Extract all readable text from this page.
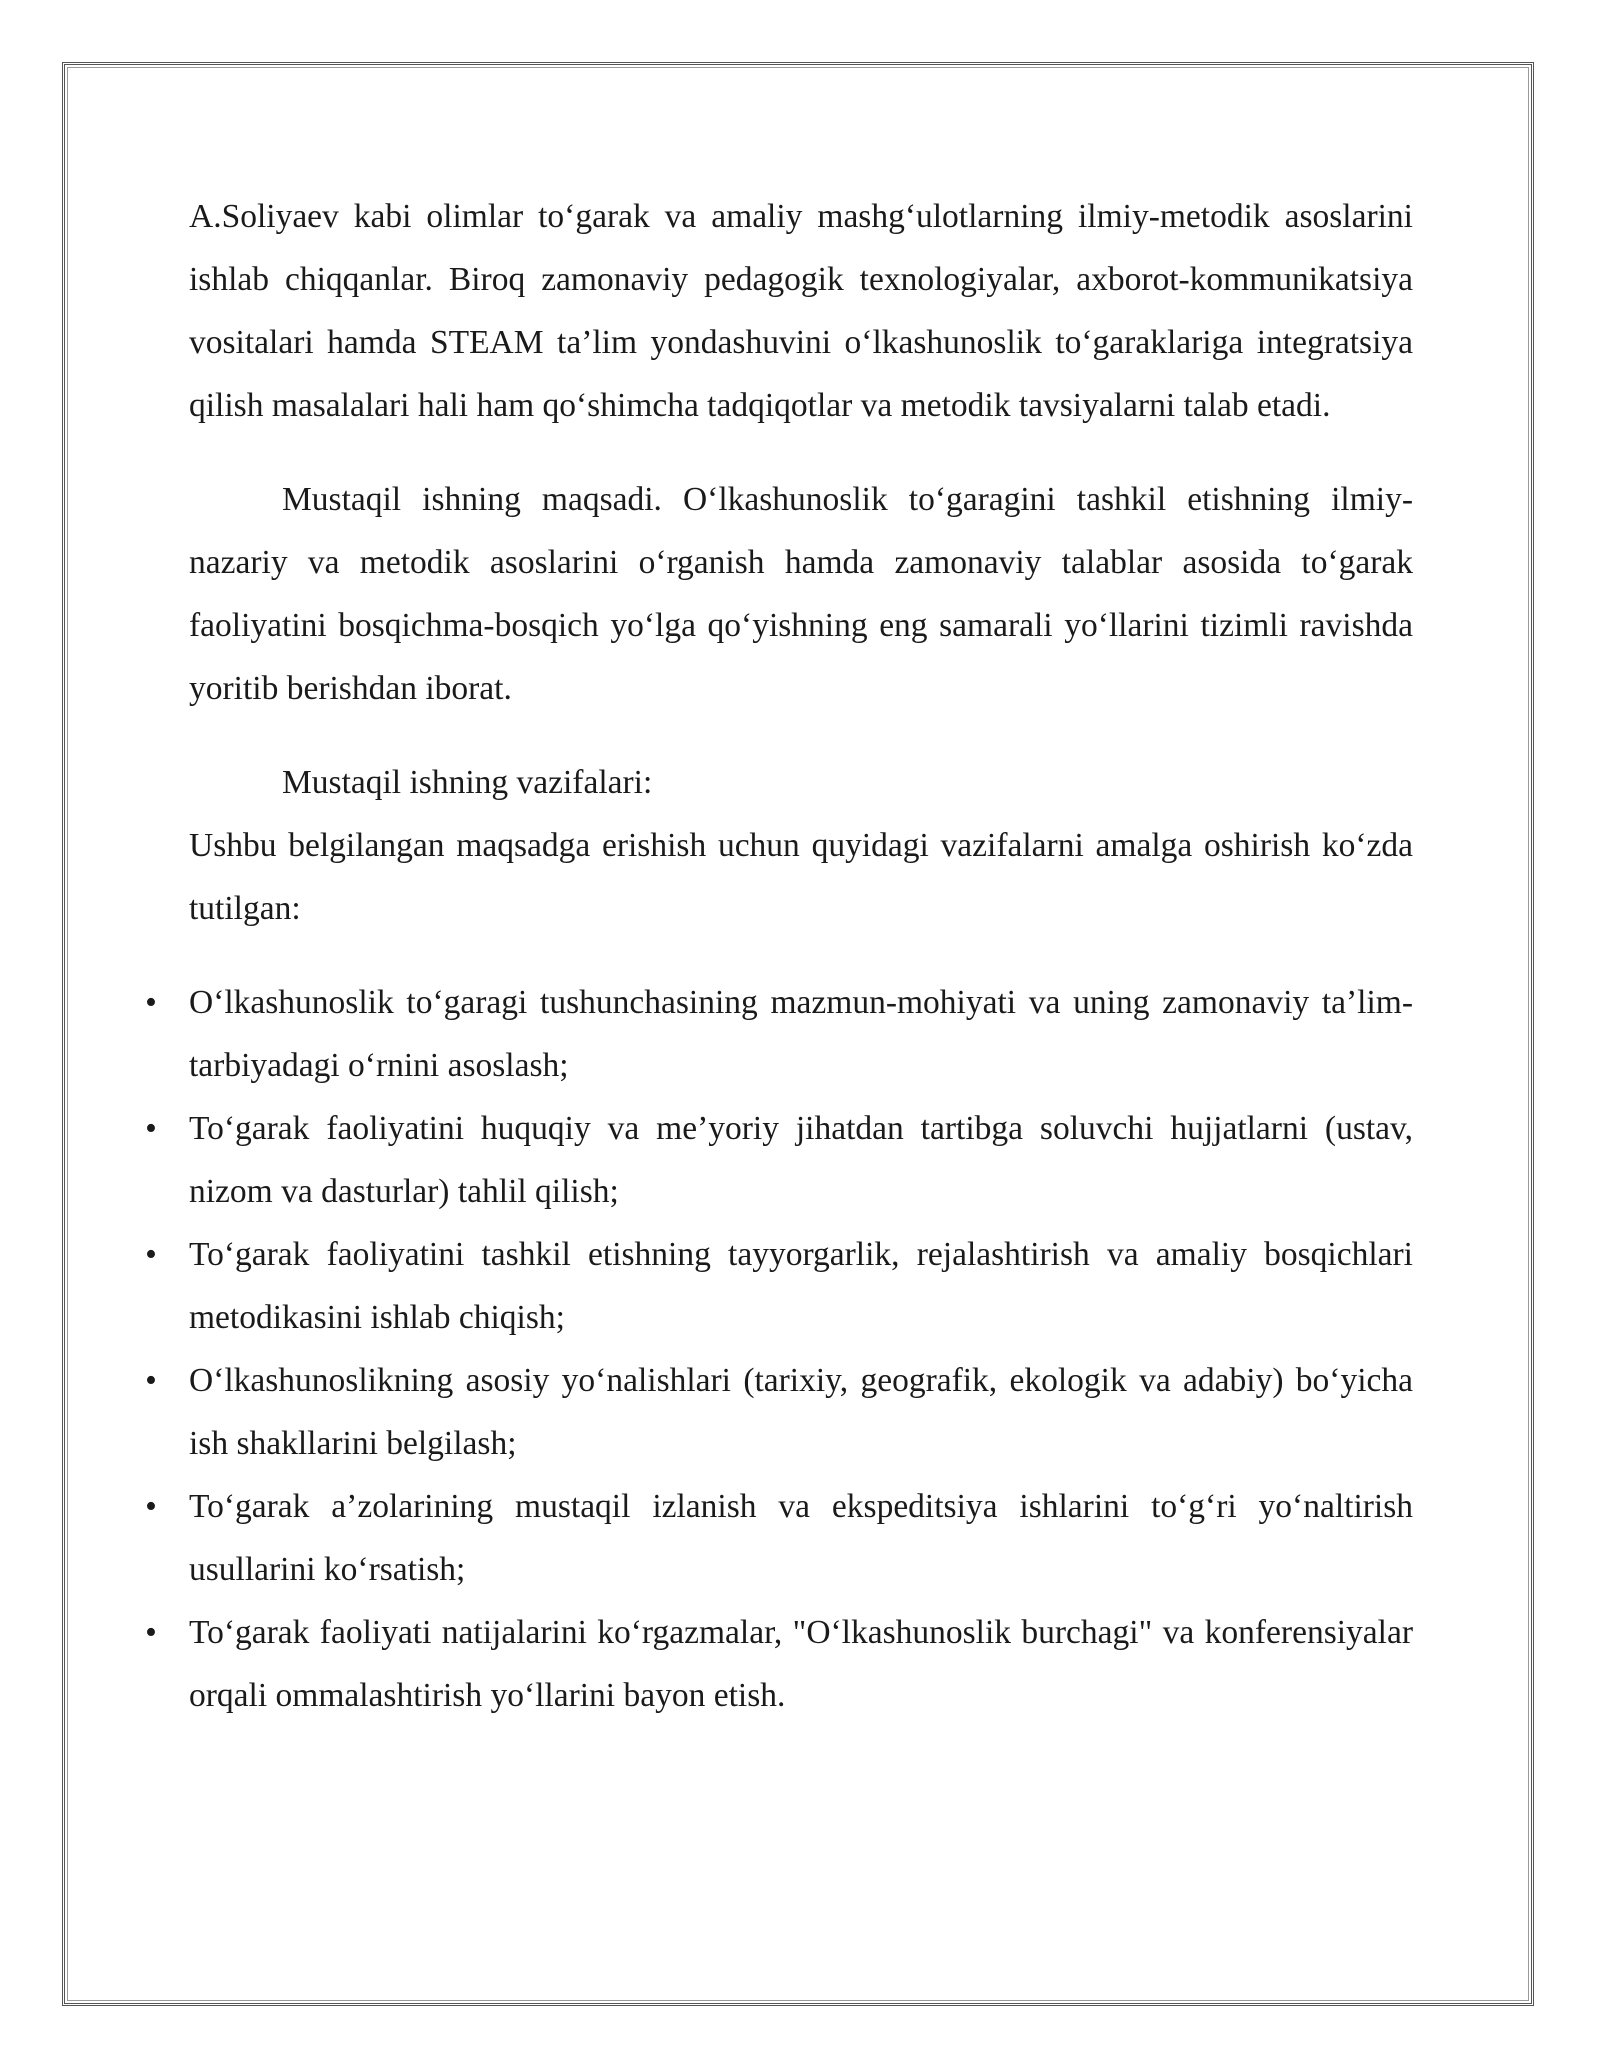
A.Soliyaev kabi olimlar to‘garak va amaliy mashg‘ulotlarning ilmiy-metodik asoslarini ishlab chiqqanlar. Biroq zamonaviy pedagogik texnologiyalar, axborot-kommunikatsiya vositalari hamda STEAM ta’lim yondashuvini o‘lkashunoslik to‘garaklariga integratsiya qilish masalalari hali ham qo‘shimcha tadqiqotlar va metodik tavsiyalarni talab etadi.

Mustaqil ishning maqsadi. O‘lkashunoslik to‘garagini tashkil etishning ilmiy-nazariy va metodik asoslarini o‘rganish hamda zamonaviy talablar asosida to‘garak faoliyatini bosqichma-bosqich yo‘lga qo‘yishning eng samarali yo‘llarini tizimli ravishda yoritib berishdan iborat.

Mustaqil ishning vazifalari:

Ushbu belgilangan maqsadga erishish uchun quyidagi vazifalarni amalga oshirish ko‘zda tutilgan:

• O‘lkashunoslik to‘garagi tushunchasining mazmun-mohiyati va uning zamonaviy ta’lim-tarbiyadagi o‘rnini asoslash;
• To‘garak faoliyatini huquqiy va me’yoriy jihatdan tartibga soluvchi hujjatlarni (ustav, nizom va dasturlar) tahlil qilish;
• To‘garak faoliyatini tashkil etishning tayyorgarlik, rejalashtirish va amaliy bosqichlari metodikasini ishlab chiqish;
• O‘lkashunoslikning asosiy yo‘nalishlari (tarixiy, geografik, ekologik va adabiy) bo‘yicha ish shakllarini belgilash;
• To‘garak a’zolarining mustaqil izlanish va ekspeditsiya ishlarini to‘g‘ri yo‘naltirish usullarini ko‘rsatish;
• To‘garak faoliyati natijalarini ko‘rgazmalar, "O‘lkashunoslik burchagi" va konferensiyalar orqali ommalashtirish yo‘llarini bayon etish.
